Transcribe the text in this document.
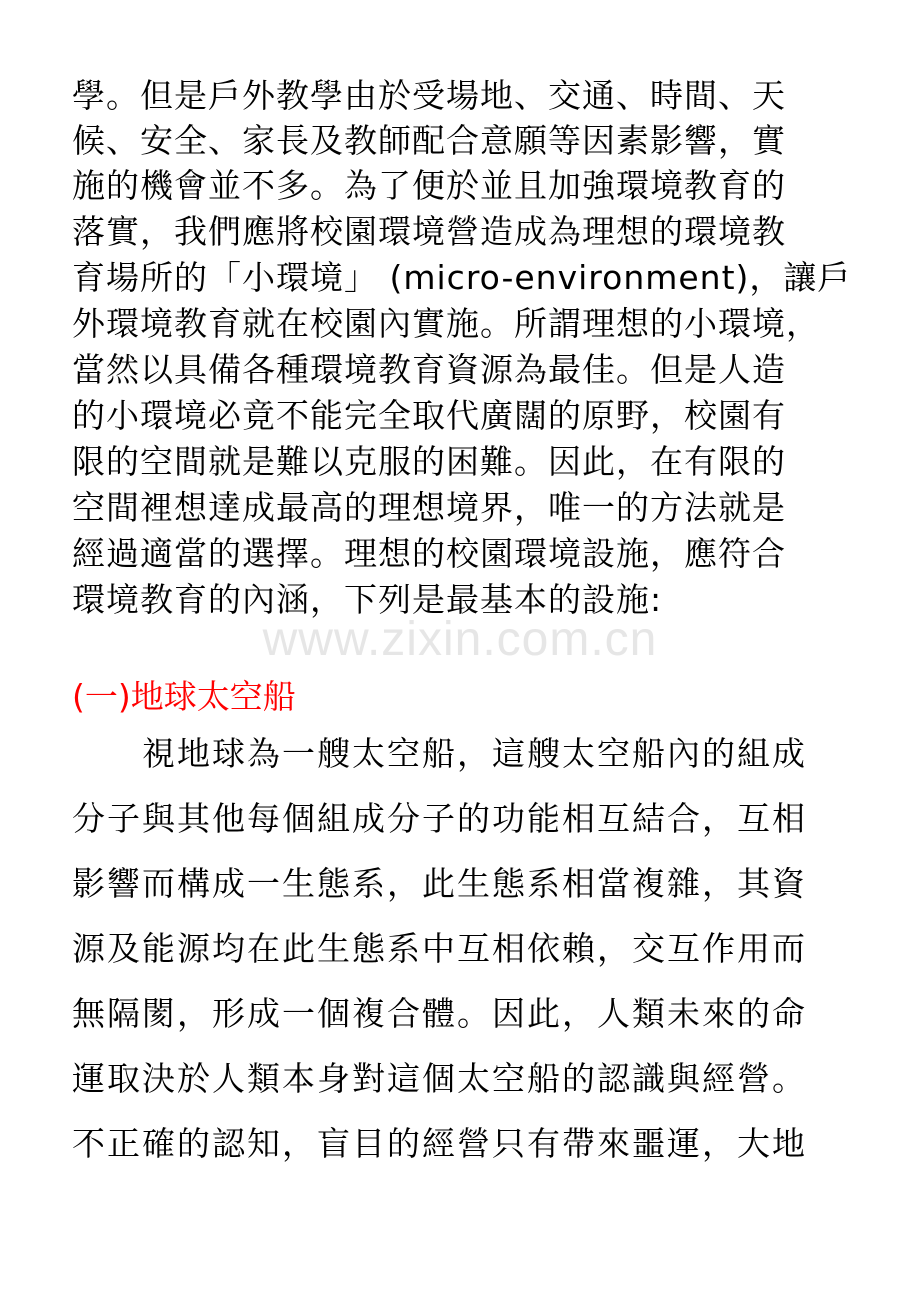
學。但是戶外教學由於受場地、交通、時間、天
候、安全、家長及教師配合意願等因素影響，實
施的機會並不多。為了便於並且加強環境教育的
落實，我們應將校園環境營造成為理想的環境教
育場所的「小環境」 (micro-environment)，讓戶
外環境教育就在校園內實施。所謂理想的小環境，
當然以具備各種環境教育資源為最佳。但是人造
的小環境必竟不能完全取代廣闊的原野，校園有
限的空間就是難以克服的困難。因此，在有限的
空間裡想達成最高的理想境界，唯一的方法就是
經過適當的選擇。理想的校園環境設施，應符合
環境教育的內涵，下列是最基本的設施:
www.zixin.com.cn
(一)地球太空船
　　視地球為一艘太空船，這艘太空船內的組成
分子與其他每個組成分子的功能相互結合，互相
影響而構成一生態系，此生態系相當複雜，其資
源及能源均在此生態系中互相依賴，交互作用而
無隔閡，形成一個複合體。因此，人類未來的命
運取決於人類本身對這個太空船的認識與經營。
不正確的認知，盲目的經營只有帶來噩運，大地
